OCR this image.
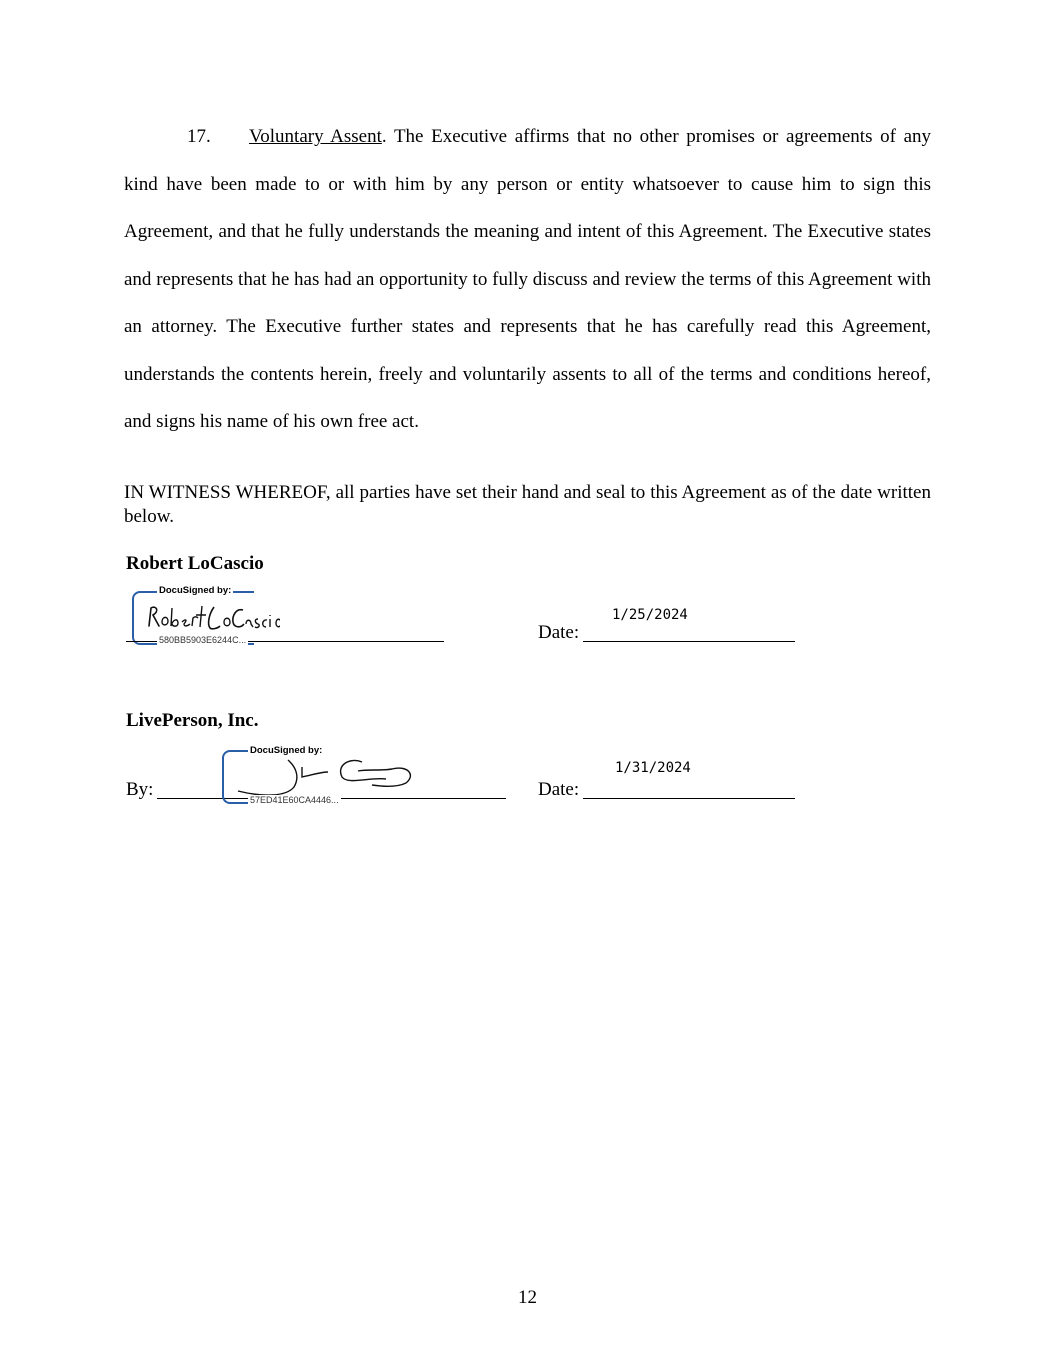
17. Voluntary Assent. The Executive affirms that no other promises or agreements of any kind have been made to or with him by any person or entity whatsoever to cause him to sign this Agreement, and that he fully understands the meaning and intent of this Agreement. The Executive states and represents that he has had an opportunity to fully discuss and review the terms of this Agreement with an attorney. The Executive further states and represents that he has carefully read this Agreement, understands the contents herein, freely and voluntarily assents to all of the terms and conditions hereof, and signs his name of his own free act.

IN WITNESS WHEREOF, all parties have set their hand and seal to this Agreement as of the date written below.

Robert LoCascio
DocuSigned by:
580BB5903E6244C...
1/25/2024
Date:
LivePerson, Inc.
By:
DocuSigned by:
57ED41E60CA4446...
1/31/2024
Date:
12
